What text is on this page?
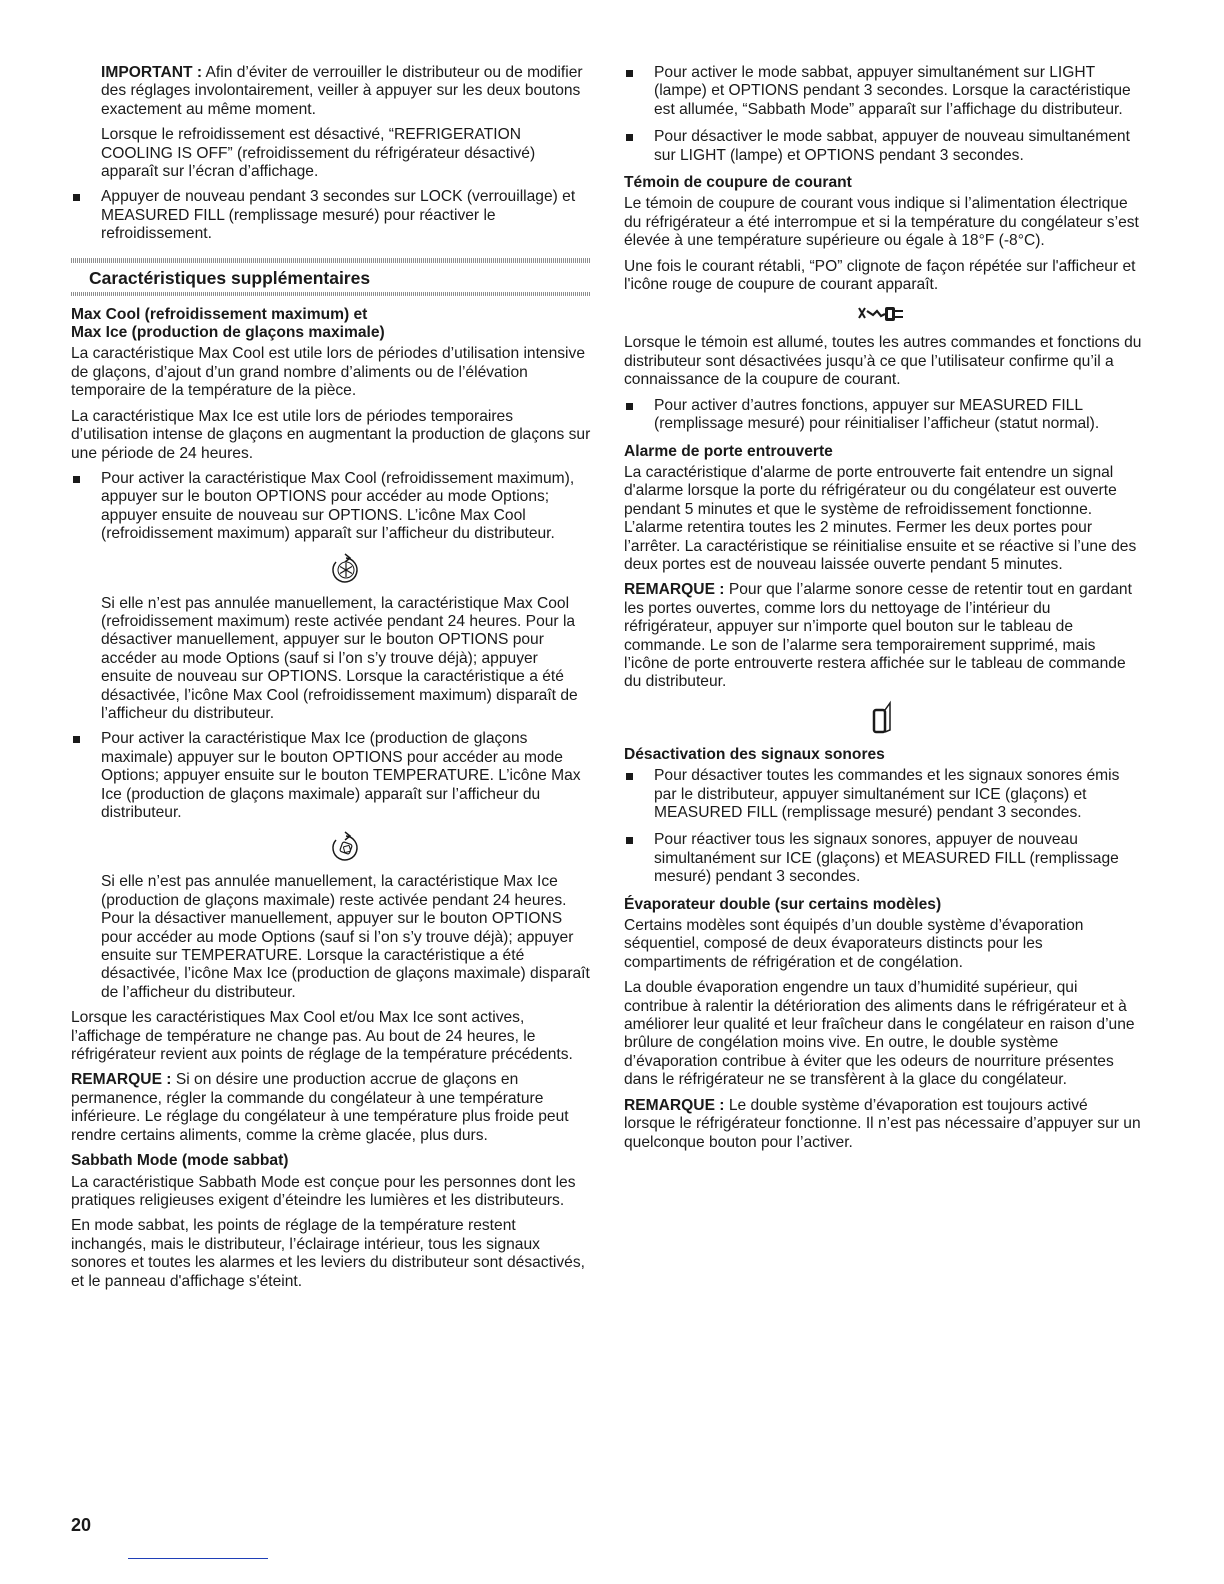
IMPORTANT : Afin d’éviter de verrouiller le distributeur ou de modifier des réglages involontairement, veiller à appuyer sur les deux boutons exactement au même moment.

Lorsque le refroidissement est désactivé, “REFRIGERATION COOLING IS OFF” (refroidissement du réfrigérateur désactivé) apparaît sur l’écran d’affichage.

Appuyer de nouveau pendant 3 secondes sur LOCK (verrouillage) et MEASURED FILL (remplissage mesuré) pour réactiver le refroidissement.

Caractéristiques supplémentaires
Max Cool (refroidissement maximum) et
Max Ice (production de glaçons maximale)

La caractéristique Max Cool est utile lors de périodes d’utilisation intensive de glaçons, d’ajout d’un grand nombre d’aliments ou de l’élévation temporaire de la température de la pièce.

La caractéristique Max Ice est utile lors de périodes temporaires d’utilisation intense de glaçons en augmentant la production de glaçons sur une période de 24 heures.

Pour activer la caractéristique Max Cool (refroidissement maximum), appuyer sur le bouton OPTIONS pour accéder au mode Options; appuyer ensuite de nouveau sur OPTIONS. L’icône Max Cool (refroidissement maximum) apparaît sur l’afficheur du distributeur.

Si elle n’est pas annulée manuellement, la caractéristique Max Cool (refroidissement maximum) reste activée pendant 24 heures. Pour la désactiver manuellement, appuyer sur le bouton OPTIONS pour accéder au mode Options (sauf si l’on s’y trouve déjà); appuyer ensuite de nouveau sur OPTIONS. Lorsque la caractéristique a été désactivée, l’icône Max Cool (refroidissement maximum) disparaît de l’afficheur du distributeur.

Pour activer la caractéristique Max Ice (production de glaçons maximale) appuyer sur le bouton OPTIONS pour accéder au mode Options; appuyer ensuite sur le bouton TEMPERATURE. L’icône Max Ice (production de glaçons maximale) apparaît sur l’afficheur du distributeur.

Si elle n’est pas annulée manuellement, la caractéristique Max Ice (production de glaçons maximale) reste activée pendant 24 heures. Pour la désactiver manuellement, appuyer sur le bouton OPTIONS pour accéder au mode Options (sauf si l’on s’y trouve déjà); appuyer ensuite sur TEMPERATURE. Lorsque la caractéristique a été désactivée, l’icône Max Ice (production de glaçons maximale) disparaît de l’afficheur du distributeur.

Lorsque les caractéristiques Max Cool et/ou Max Ice sont actives, l’affichage de température ne change pas. Au bout de 24 heures, le réfrigérateur revient aux points de réglage de la température précédents.

REMARQUE : Si on désire une production accrue de glaçons en permanence, régler la commande du congélateur à une température inférieure. Le réglage du congélateur à une température plus froide peut rendre certains aliments, comme la crème glacée, plus durs.

Sabbath Mode (mode sabbat)

La caractéristique Sabbath Mode est conçue pour les personnes dont les pratiques religieuses exigent d’éteindre les lumières et les distributeurs.

En mode sabbat, les points de réglage de la température restent inchangés, mais le distributeur, l’éclairage intérieur, tous les signaux sonores et toutes les alarmes et les leviers du distributeur sont désactivés, et le panneau d'affichage s'éteint.

Pour activer le mode sabbat, appuyer simultanément sur LIGHT (lampe) et OPTIONS pendant 3 secondes. Lorsque la caractéristique est allumée, “Sabbath Mode” apparaît sur l’affichage du distributeur.

Pour désactiver le mode sabbat, appuyer de nouveau simultanément sur LIGHT (lampe) et OPTIONS pendant 3 secondes.

Témoin de coupure de courant

Le témoin de coupure de courant vous indique si l’alimentation électrique du réfrigérateur a été interrompue et si la température du congélateur s’est élevée à une température supérieure ou égale à 18°F (-8°C).

Une fois le courant rétabli, “PO” clignote de façon répétée sur l'afficheur et l'icône rouge de coupure de courant apparaît.

Lorsque le témoin est allumé, toutes les autres commandes et fonctions du distributeur sont désactivées jusqu’à ce que l’utilisateur confirme qu’il a connaissance de la coupure de courant.

Pour activer d’autres fonctions, appuyer sur MEASURED FILL (remplissage mesuré) pour réinitialiser l’afficheur (statut normal).

Alarme de porte entrouverte

La caractéristique d'alarme de porte entrouverte fait entendre un signal d'alarme lorsque la porte du réfrigérateur ou du congélateur est ouverte pendant 5 minutes et que le système de refroidissement fonctionne. L’alarme retentira toutes les 2 minutes. Fermer les deux portes pour l’arrêter. La caractéristique se réinitialise ensuite et se réactive si l’une des deux portes est de nouveau laissée ouverte pendant 5 minutes.

REMARQUE : Pour que l’alarme sonore cesse de retentir tout en gardant les portes ouvertes, comme lors du nettoyage de l’intérieur du réfrigérateur, appuyer sur n’importe quel bouton sur le tableau de commande. Le son de l’alarme sera temporairement supprimé, mais l’icône de porte entrouverte restera affichée sur le tableau de commande du distributeur.

Désactivation des signaux sonores

Pour désactiver toutes les commandes et les signaux sonores émis par le distributeur, appuyer simultanément sur ICE (glaçons) et MEASURED FILL (remplissage mesuré) pendant 3 secondes.

Pour réactiver tous les signaux sonores, appuyer de nouveau simultanément sur ICE (glaçons) et MEASURED FILL (remplissage mesuré) pendant 3 secondes.

Évaporateur double (sur certains modèles)

Certains modèles sont équipés d’un double système d’évaporation séquentiel, composé de deux évaporateurs distincts pour les compartiments de réfrigération et de congélation.

La double évaporation engendre un taux d’humidité supérieur, qui contribue à ralentir la détérioration des aliments dans le réfrigérateur et à améliorer leur qualité et leur fraîcheur dans le congélateur en raison d’une brûlure de congélation moins vive. En outre, le double système d’évaporation contribue à éviter que les odeurs de nourriture présentes dans le réfrigérateur ne se transfèrent à la glace du congélateur.

REMARQUE : Le double système d’évaporation est toujours activé lorsque le réfrigérateur fonctionne. Il n’est pas nécessaire d’appuyer sur un quelconque bouton pour l’activer.

20
